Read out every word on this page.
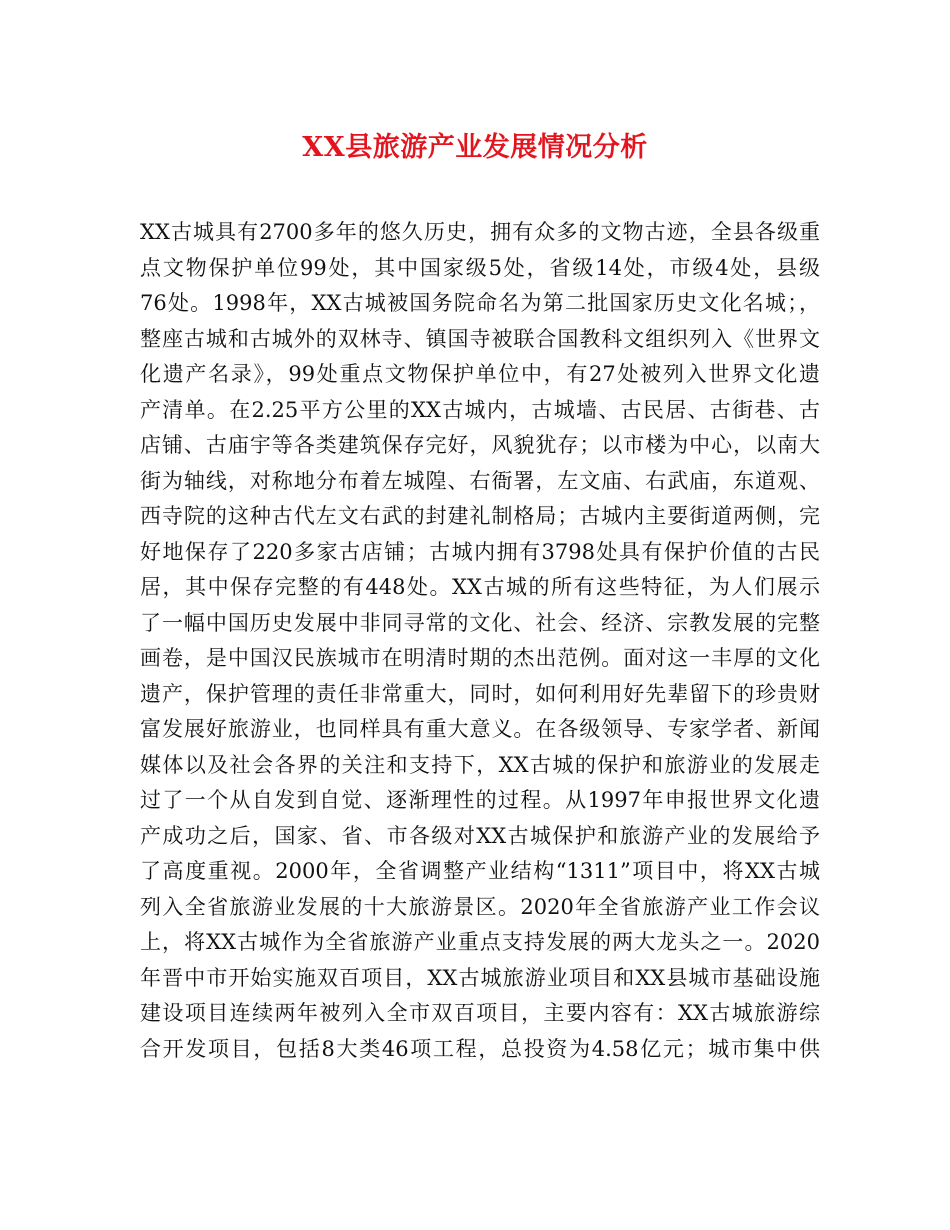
XX县旅游产业发展情况分析
XX古城具有2700多年的悠久历史，拥有众多的文物古迹，全县各级重
点文物保护单位99处，其中国家级5处，省级14处，市级4处，县级
76处。1998年，XX古城被国务院命名为第二批国家历史文化名城；，
整座古城和古城外的双林寺、镇国寺被联合国教科文组织列入《世界文
化遗产名录》，99处重点文物保护单位中，有27处被列入世界文化遗
产清单。在2.25平方公里的XX古城内，古城墙、古民居、古街巷、古
店铺、古庙宇等各类建筑保存完好，风貌犹存；以市楼为中心，以南大
街为轴线，对称地分布着左城隍、右衙署，左文庙、右武庙，东道观、
西寺院的这种古代左文右武的封建礼制格局；古城内主要街道两侧，完
好地保存了220多家古店铺；古城内拥有3798处具有保护价值的古民
居，其中保存完整的有448处。XX古城的所有这些特征，为人们展示
了一幅中国历史发展中非同寻常的文化、社会、经济、宗教发展的完整
画卷，是中国汉民族城市在明清时期的杰出范例。面对这一丰厚的文化
遗产，保护管理的责任非常重大，同时，如何利用好先辈留下的珍贵财
富发展好旅游业，也同样具有重大意义。在各级领导、专家学者、新闻
媒体以及社会各界的关注和支持下，XX古城的保护和旅游业的发展走
过了一个从自发到自觉、逐渐理性的过程。从1997年申报世界文化遗
产成功之后，国家、省、市各级对XX古城保护和旅游产业的发展给予
了高度重视。2000年，全省调整产业结构“1311”项目中，将XX古城
列入全省旅游业发展的十大旅游景区。2020年全省旅游产业工作会议
上，将XX古城作为全省旅游产业重点支持发展的两大龙头之一。2020
年晋中市开始实施双百项目，XX古城旅游业项目和XX县城市基础设施
建设项目连续两年被列入全市双百项目，主要内容有：XX古城旅游综
合开发项目，包括8大类46项工程，总投资为4.58亿元；城市集中供
